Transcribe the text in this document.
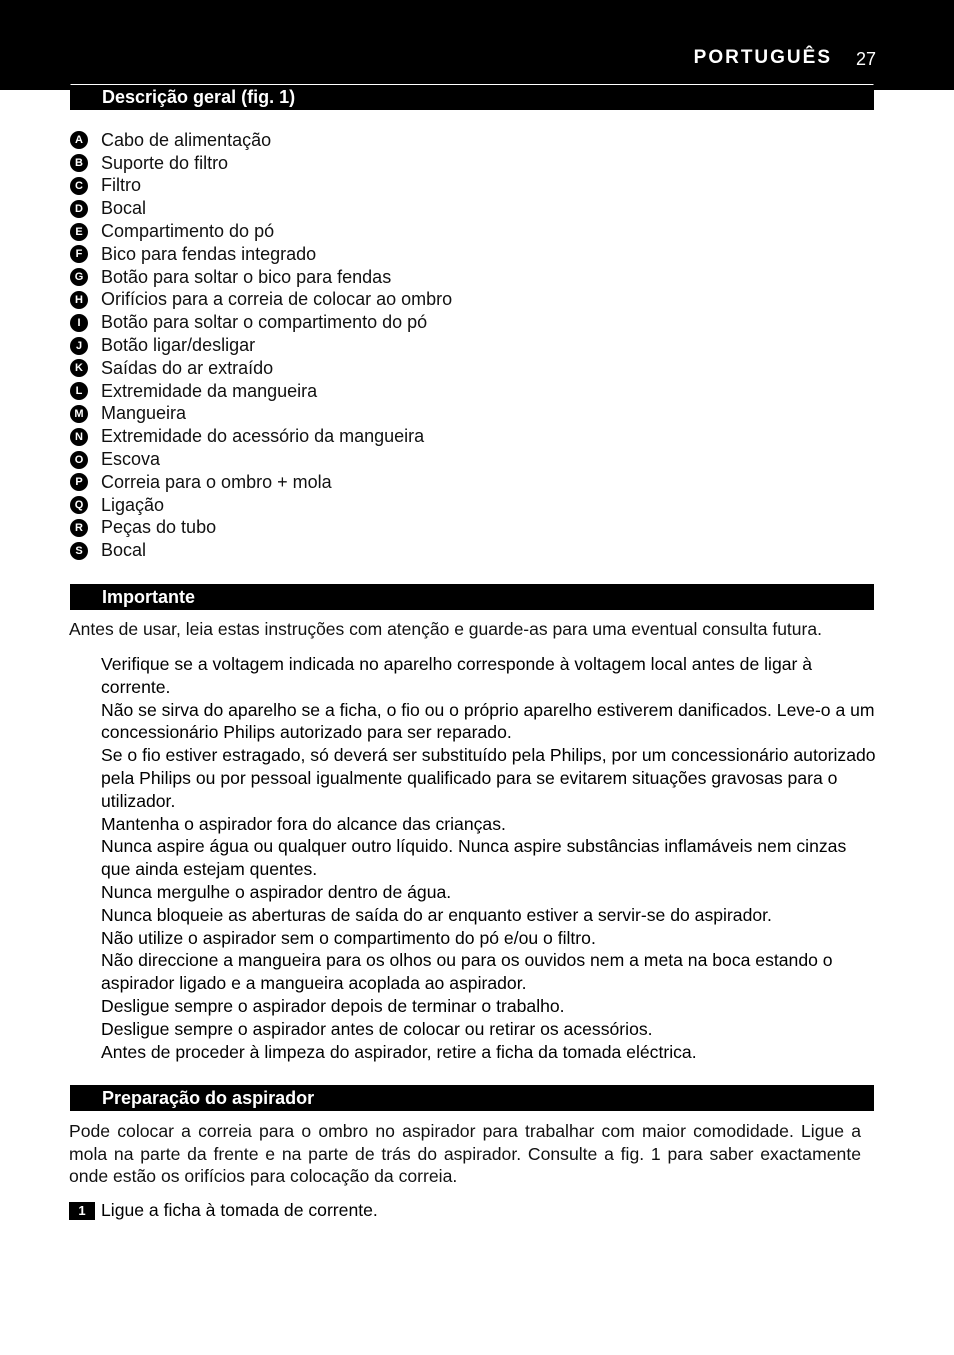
PORTUGUÊS	27
Descrição geral (fig. 1)
A Cabo de alimentação
B Suporte do filtro
C Filtro
D Bocal
E Compartimento do pó
F	Bico para fendas integrado
G Botão para soltar o bico para fendas
H Orifícios para a correia de colocar ao ombro
I	Botão para soltar o compartimento do pó
J	Botão ligar/desligar
K Saídas do ar extraído
L	Extremidade da mangueira
M Mangueira
N Extremidade do acessório da mangueira
O Escova
P Correia para o ombro + mola
Q Ligação
R Peças do tubo
S Bocal
Importante
Antes de usar, leia estas instruções com atenção e guarde-as para uma eventual consulta futura.
Verifique se a voltagem indicada no aparelho corresponde à voltagem local antes de ligar à corrente.
Não se sirva do aparelho se a ficha, o fio ou o próprio aparelho estiverem danificados. Leve-o a um concessionário Philips autorizado para ser reparado.
Se o fio estiver estragado, só deverá ser substituído pela Philips, por um concessionário autorizado pela Philips ou por pessoal igualmente qualificado para se evitarem situações gravosas para o utilizador.
Mantenha o aspirador fora do alcance das crianças.
Nunca aspire água ou qualquer outro líquido. Nunca aspire substâncias inflamáveis nem cinzas que ainda estejam quentes.
Nunca mergulhe o aspirador dentro de água.
Nunca bloqueie as aberturas de saída do ar enquanto estiver a servir-se do aspirador.
Não utilize o aspirador sem o compartimento do pó e/ou o filtro.
Não direccione a mangueira para os olhos ou para os ouvidos nem a meta na boca estando o aspirador ligado e a mangueira acoplada ao aspirador.
Desligue sempre o aspirador depois de terminar o trabalho.
Desligue sempre o aspirador antes de colocar ou retirar os acessórios.
Antes de proceder à limpeza do aspirador, retire a ficha da tomada eléctrica.
Preparação do aspirador
Pode colocar a correia para o ombro no aspirador para trabalhar com maior comodidade. Ligue a mola na parte da frente e na parte de trás do aspirador. Consulte a fig. 1 para saber exactamente onde estão os orifícios para colocação da correia.
1 Ligue a ficha à tomada de corrente.
